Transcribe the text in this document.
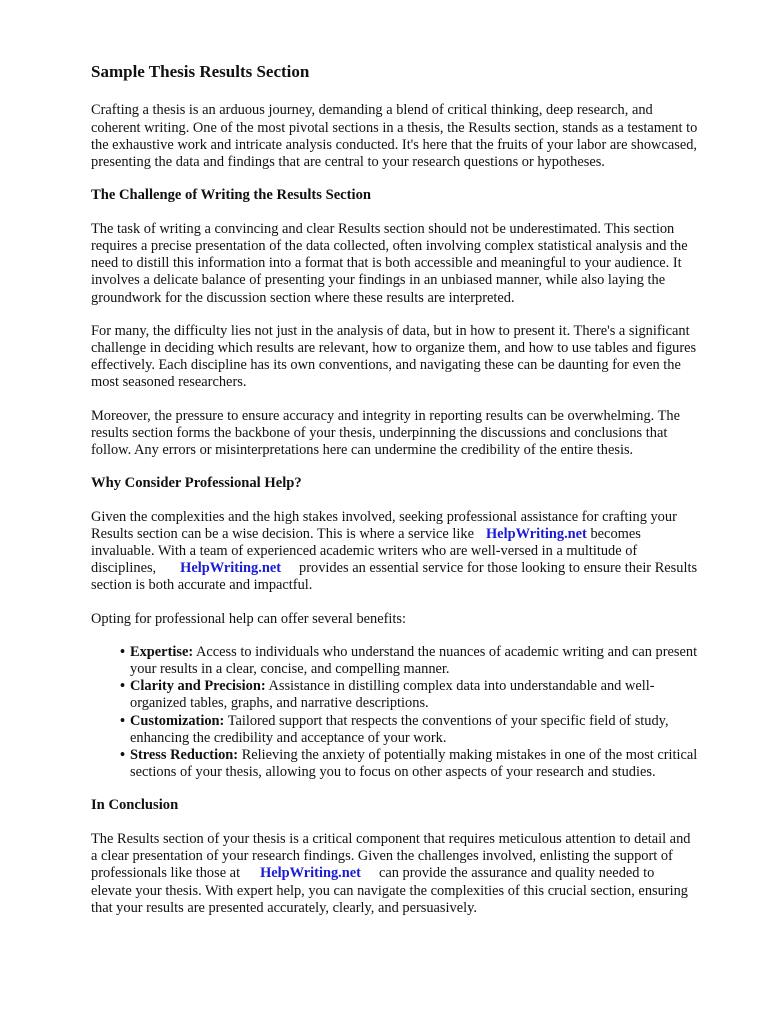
Sample Thesis Results Section

Crafting a thesis is an arduous journey, demanding a blend of critical thinking, deep research, and coherent writing. One of the most pivotal sections in a thesis, the Results section, stands as a testament to the exhaustive work and intricate analysis conducted. It's here that the fruits of your labor are showcased, presenting the data and findings that are central to your research questions or hypotheses.

The Challenge of Writing the Results Section

The task of writing a convincing and clear Results section should not be underestimated. This section requires a precise presentation of the data collected, often involving complex statistical analysis and the need to distill this information into a format that is both accessible and meaningful to your audience. It involves a delicate balance of presenting your findings in an unbiased manner, while also laying the groundwork for the discussion section where these results are interpreted.

For many, the difficulty lies not just in the analysis of data, but in how to present it. There's a significant challenge in deciding which results are relevant, how to organize them, and how to use tables and figures effectively. Each discipline has its own conventions, and navigating these can be daunting for even the most seasoned researchers.

Moreover, the pressure to ensure accuracy and integrity in reporting results can be overwhelming. The results section forms the backbone of your thesis, underpinning the discussions and conclusions that follow. Any errors or misinterpretations here can undermine the credibility of the entire thesis.

Why Consider Professional Help?

Given the complexities and the high stakes involved, seeking professional assistance for crafting your Results section can be a wise decision. This is where a service like HelpWriting.net becomes invaluable. With a team of experienced academic writers who are well-versed in a multitude of disciplines, HelpWriting.net provides an essential service for those looking to ensure their Results section is both accurate and impactful.

Opting for professional help can offer several benefits:

• Expertise: Access to individuals who understand the nuances of academic writing and can present your results in a clear, concise, and compelling manner.
• Clarity and Precision: Assistance in distilling complex data into understandable and well-organized tables, graphs, and narrative descriptions.
• Customization: Tailored support that respects the conventions of your specific field of study, enhancing the credibility and acceptance of your work.
• Stress Reduction: Relieving the anxiety of potentially making mistakes in one of the most critical sections of your thesis, allowing you to focus on other aspects of your research and studies.
In Conclusion

The Results section of your thesis is a critical component that requires meticulous attention to detail and a clear presentation of your research findings. Given the challenges involved, enlisting the support of professionals like those at HelpWriting.net can provide the assurance and quality needed to elevate your thesis. With expert help, you can navigate the complexities of this crucial section, ensuring that your results are presented accurately, clearly, and persuasively.
